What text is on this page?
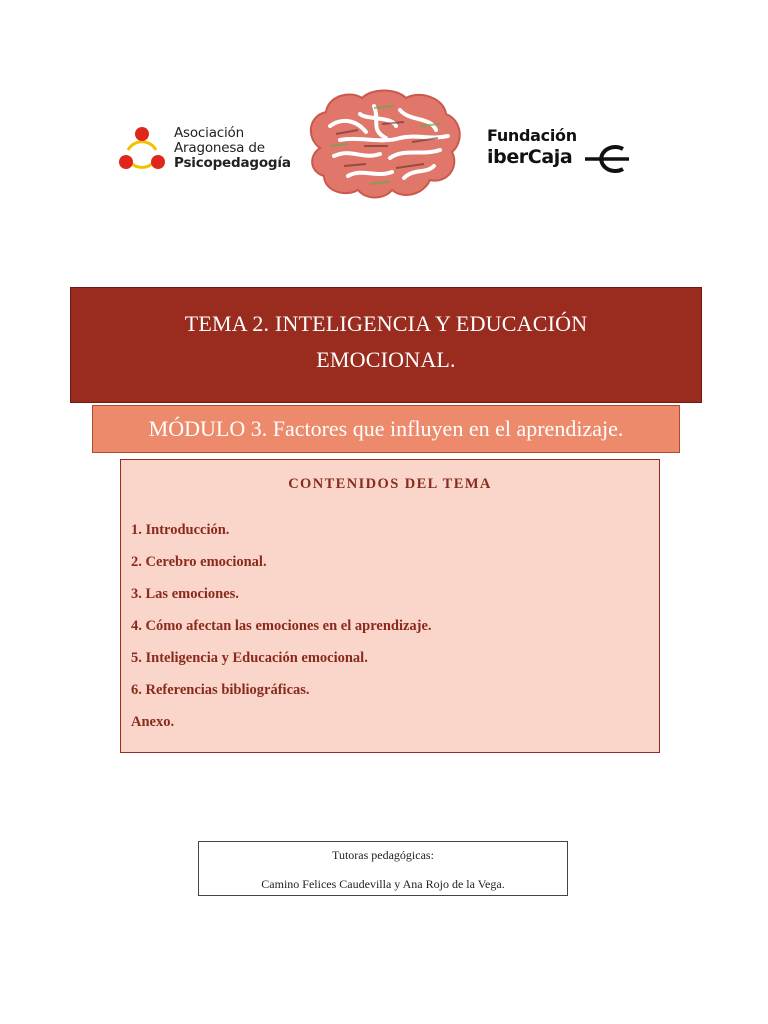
Asociación
Aragonesa de
Psicopedagogía
Fundación
iberCaja
TEMA 2. INTELIGENCIA Y EDUCACIÓN
EMOCIONAL.
MÓDULO 3. Factores que influyen en el aprendizaje.
CONTENIDOS DEL TEMA
1. Introducción.
2. Cerebro emocional.
3. Las emociones.
4. Cómo afectan las emociones en el aprendizaje.
5. Inteligencia y Educación emocional.
6. Referencias bibliográficas.
Anexo.
Tutoras pedagógicas:
Camino Felices Caudevilla y Ana Rojo de la Vega.
